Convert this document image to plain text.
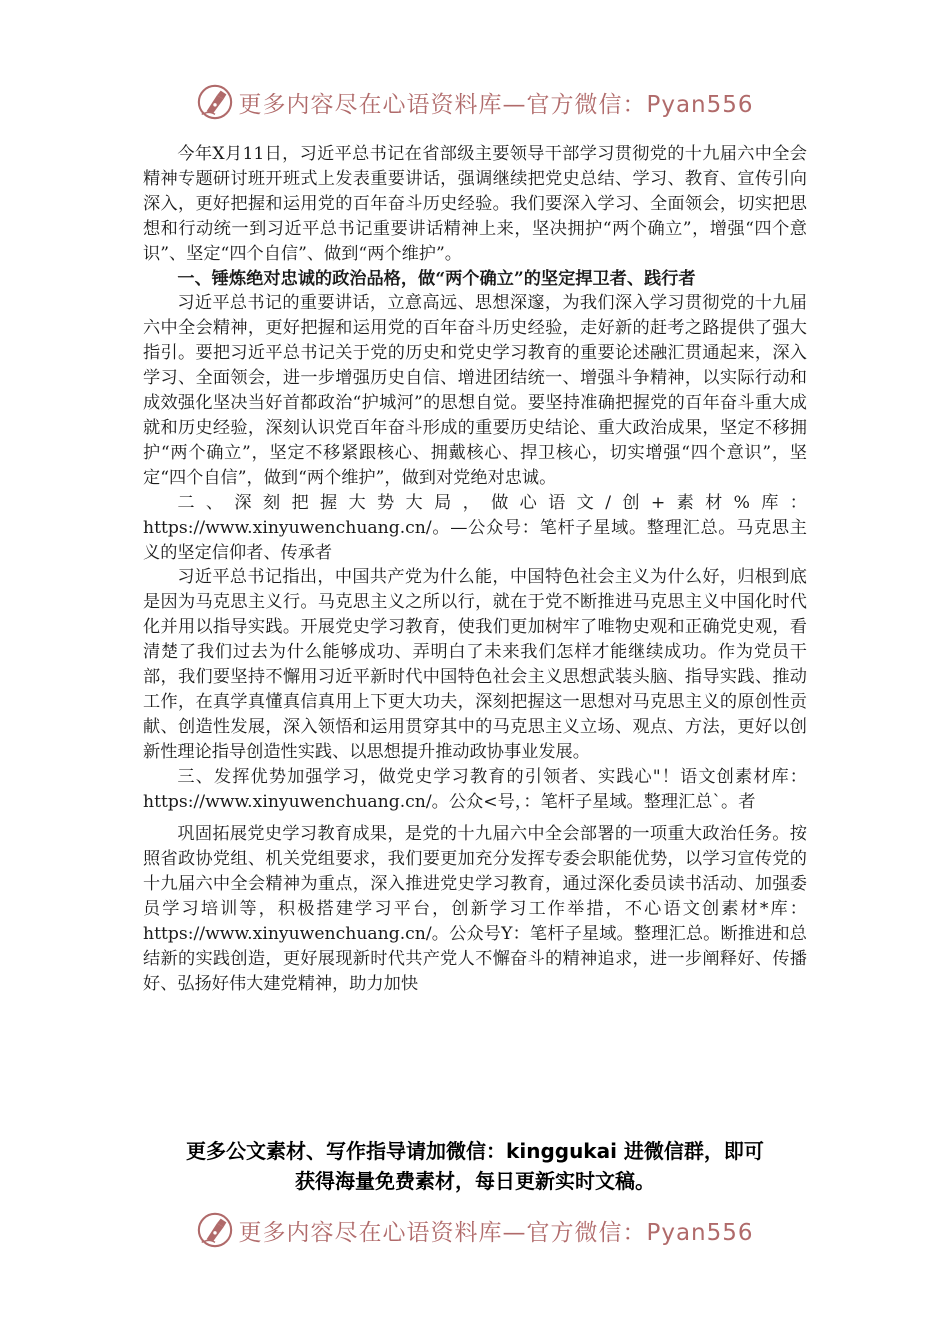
更多内容尽在心语资料库—官方微信：Pyan556

今年X月11日，习近平总书记在省部级主要领导干部学习贯彻党的十九届六中全会精神专题研讨班开班式上发表重要讲话，强调继续把党史总结、学习、教育、宣传引向深入，更好把握和运用党的百年奋斗历史经验。我们要深入学习、全面领会，切实把思想和行动统一到习近平总书记重要讲话精神上来，坚决拥护“两个确立”，增强“四个意识”、坚定“四个自信”、做到“两个维护”。

一、锤炼绝对忠诚的政治品格，做“两个确立”的坚定捍卫者、践行者

习近平总书记的重要讲话，立意高远、思想深邃，为我们深入学习贯彻党的十九届六中全会精神，更好把握和运用党的百年奋斗历史经验，走好新的赶考之路提供了强大指引。要把习近平总书记关于党的历史和党史学习教育的重要论述融汇贯通起来，深入学习、全面领会，进一步增强历史自信、增进团结统一、增强斗争精神，以实际行动和成效强化坚决当好首都政治“护城河”的思想自觉。要坚持准确把握党的百年奋斗重大成就和历史经验，深刻认识党百年奋斗形成的重要历史结论、重大政治成果，坚定不移拥护“两个确立”，坚定不移紧跟核心、拥戴核心、捍卫核心，切实增强“四个意识”，坚定“四个自信”，做到“两个维护”，做到对党绝对忠诚。

二、深刻把握大势大局，做心语文/创+素材%库：https://www.xinyuwenchuang.cn/。—公众号：笔杆子星域。整理汇总。马克思主义的坚定信仰者、传承者

习近平总书记指出，中国共产党为什么能，中国特色社会主义为什么好，归根到底是因为马克思主义行。马克思主义之所以行，就在于党不断推进马克思主义中国化时代化并用以指导实践。开展党史学习教育，使我们更加树牢了唯物史观和正确党史观，看清楚了我们过去为什么能够成功、弄明白了未来我们怎样才能继续成功。作为党员干部，我们要坚持不懈用习近平新时代中国特色社会主义思想武装头脑、指导实践、推动工作，在真学真懂真信真用上下更大功夫，深刻把握这一思想对马克思主义的原创性贡献、创造性发展，深入领悟和运用贯穿其中的马克思主义立场、观点、方法，更好以创新性理论指导创造性实践、以思想提升推动政协事业发展。

三、发挥优势加强学习，做党史学习教育的引领者、实践心"！语文创素材库：https://www.xinyuwenchuang.cn/。公众<号，：笔杆子星域。整理汇总`。者

巩固拓展党史学习教育成果，是党的十九届六中全会部署的一项重大政治任务。按照省政协党组、机关党组要求，我们要更加充分发挥专委会职能优势，以学习宣传党的十九届六中全会精神为重点，深入推进党史学习教育，通过深化委员读书活动、加强委员学习培训等，积极搭建学习平台，创新学习工作举措，不心语文创素材*库：https://www.xinyuwenchuang.cn/。公众号Y：笔杆子星域。整理汇总。断推进和总结新的实践创造，更好展现新时代共产党人不懈奋斗的精神追求，进一步阐释好、传播好、弘扬好伟大建党精神，助力加快

更多公文素材、写作指导请加微信：kinggukai 进微信群，即可
获得海量免费素材，每日更新实时文稿。
更多内容尽在心语资料库—官方微信：Pyan556
